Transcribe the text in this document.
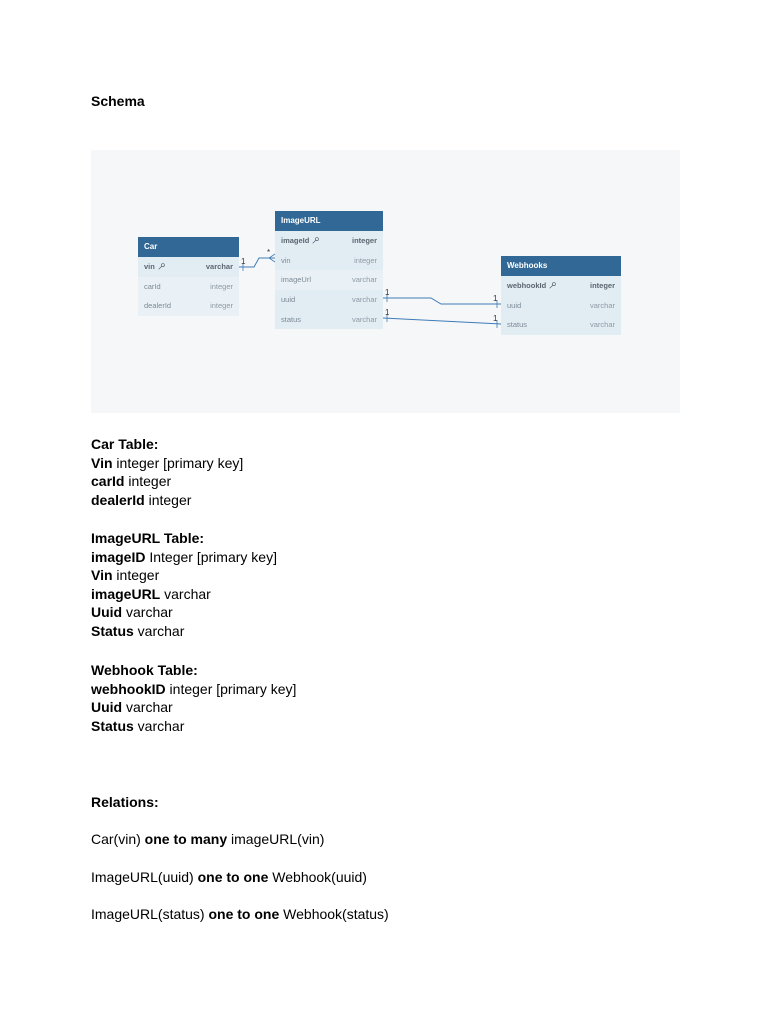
Schema
Car
vin	varchar
carId	integer
dealerId	integer
ImageURL
imageId	integer
vin	integer
imageUrl	varchar
uuid	varchar
status	varchar
Webhooks
webhookId	integer
uuid	varchar
status	varchar
1
*
1
1
1
1
Car Table:
Vin integer [primary key]
carId integer
dealerId integer
ImageURL Table:
imageID Integer [primary key]
Vin integer
imageURL varchar
Uuid varchar
Status varchar
Webhook Table:
webhookID integer [primary key]
Uuid varchar
Status varchar
Relations:
Car(vin) one to many imageURL(vin)
ImageURL(uuid) one to one Webhook(uuid)
ImageURL(status) one to one Webhook(status)
